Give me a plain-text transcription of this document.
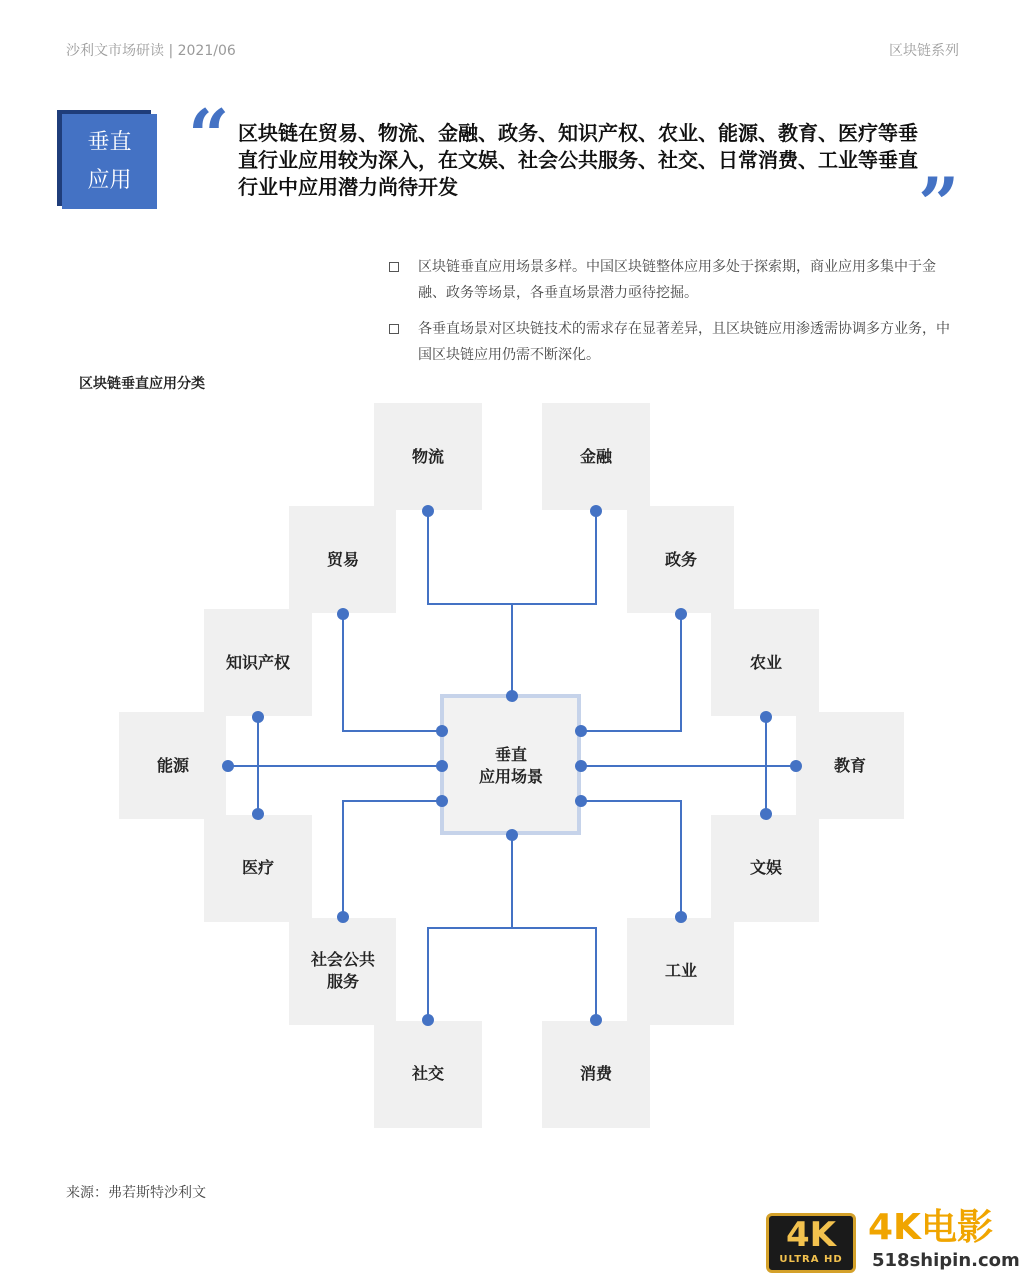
沙利文市场研读 | 2021/06	区块链系列
垂直
应用
“ 区块链在贸易、物流、金融、政务、知识产权、农业、能源、教育、医疗等垂直行业应用较为深入，在文娱、社会公共服务、社交、日常消费、工业等垂直行业中应用潜力尚待开发	”
区块链垂直应用场景多样。中国区块链整体应用多处于探索期，商业应用多集中于金融、政务等场景，各垂直场景潜力亟待挖掘。
各垂直场景对区块链技术的需求存在显著差异，且区块链应用渗透需协调多方业务，中国区块链应用仍需不断深化。
区块链垂直应用分类
物流	金融
贸易	政务
知识产权	农业
能源	教育
医疗	文娱
社会公共
服务
工业
社交	消费
垂直
应用场景
来源：弗若斯特沙利文
4K
ULTRA HD
4K电影
518shipin.com
